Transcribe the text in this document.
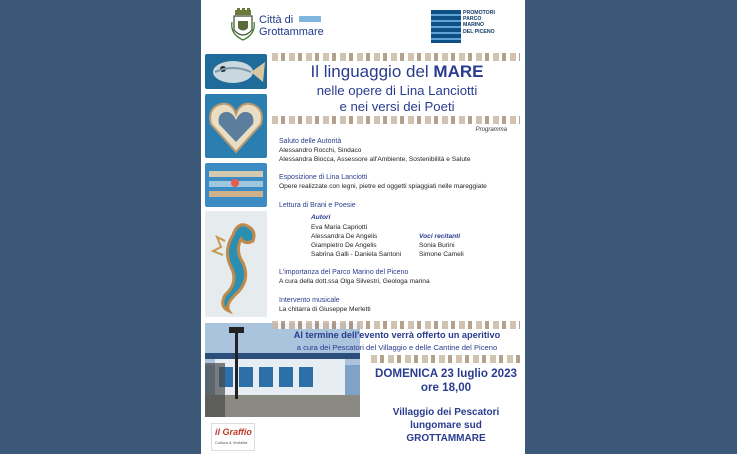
Città di
Grottammare
PROMOTORI
PARCO
MARINO
DEL PICENO
Il linguaggio del MARE
nelle opere di Lina Lanciotti
e nei versi dei Poeti
Programma
Saluto delle Autorità
Alessandro Rocchi, Sindaco
Alessandra Biocca, Assessore all'Ambiente, Sostenibilità e Salute
Esposizione di Lina Lanciotti
Opere realizzate con legni, pietre ed oggetti spiaggiati nelle mareggiate
Lettura di Brani e Poesie
Autori
Eva Maria Capriotti
Alessandra De Angelis
Giampietro De Angelis
Sabrina Galli - Daniela Santoni
Voci recitanti
Sonia Burini
Simone Cameli
L'importanza del Parco Marino del Piceno
A cura della dott.ssa Olga Silvestri, Geologa marina
Intervento musicale
La chitarra di Giuseppe Merletti
Al termine dell'evento verrà offerto un aperitivo
a cura dei Pescatori del Villaggio e delle Cantine del Piceno
DOMENICA 23 luglio 2023
ore 18,00
Villaggio dei Pescatori
lungomare sud
GROTTAMMARE
in collaborazione con
il Graffio
Cultura & Vivibilità
